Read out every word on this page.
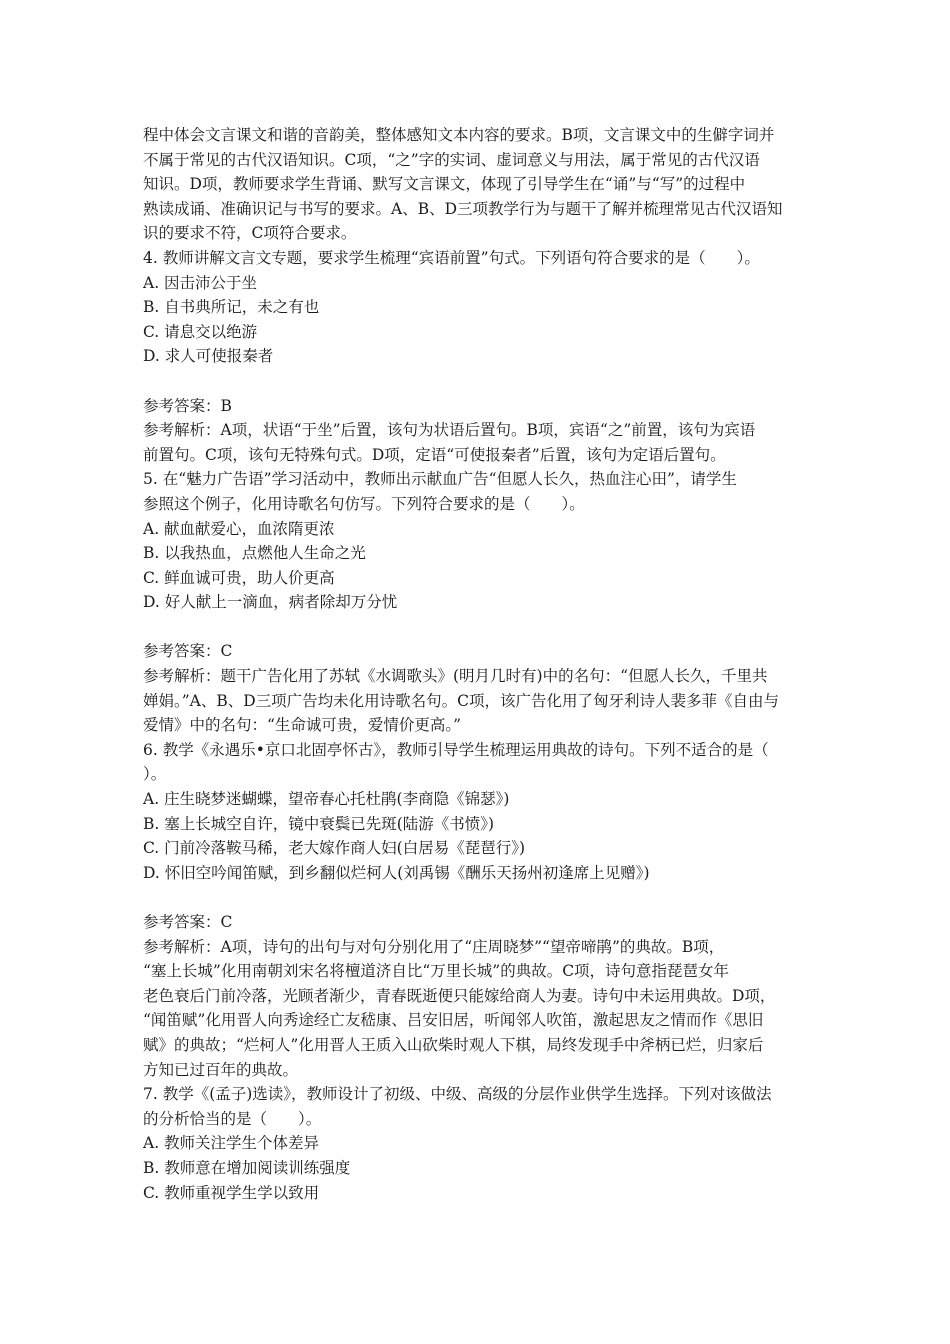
程中体会文言课文和谐的音韵美，整体感知文本内容的要求。B项，文言课文中的生僻字词并
不属于常见的古代汉语知识。C项，“之”字的实词、虚词意义与用法，属于常见的古代汉语
知识。D项，教师要求学生背诵、默写文言课文，体现了引导学生在“诵”与“写”的过程中
熟读成诵、准确识记与书写的要求。A、B、D三项教学行为与题干了解并梳理常见古代汉语知
识的要求不符，C项符合要求。
4. 教师讲解文言文专题，要求学生梳理“宾语前置”句式。下列语句符合要求的是（　　）。
A. 因击沛公于坐
B. 自书典所记，未之有也
C. 请息交以绝游
D. 求人可使报秦者
参考答案：B
参考解析：A项，状语“于坐”后置，该句为状语后置句。B项，宾语“之”前置，该句为宾语
前置句。C项，该句无特殊句式。D项，定语“可使报秦者”后置，该句为定语后置句。
5. 在“魅力广告语”学习活动中，教师出示献血广告“但愿人长久，热血注心田”，请学生
参照这个例子，化用诗歌名句仿写。下列符合要求的是（　　）。
A. 献血献爱心，血浓隋更浓
B. 以我热血，点燃他人生命之光
C. 鲜血诚可贵，助人价更高
D. 好人献上一滴血，病者除却万分忧
参考答案：C
参考解析：题干广告化用了苏轼《水调歌头》(明月几时有)中的名句：“但愿人长久，千里共
婵娟。”A、B、D三项广告均未化用诗歌名句。C项，该广告化用了匈牙利诗人裴多菲《自由与
爱情》中的名句：“生命诚可贵，爱情价更高。”
6. 教学《永遇乐•京口北固亭怀古》，教师引导学生梳理运用典故的诗句。下列不适合的是（
）。
A. 庄生晓梦迷蝴蝶，望帝春心托杜鹃(李商隐《锦瑟》)
B. 塞上长城空自许，镜中衰鬓已先斑(陆游《书愤》)
C. 门前冷落鞍马稀，老大嫁作商人妇(白居易《琵琶行》)
D. 怀旧空吟闻笛赋，到乡翻似烂柯人(刘禹锡《酬乐天扬州初逢席上见赠》)
参考答案：C
参考解析：A项，诗句的出句与对句分别化用了“庄周晓梦”“望帝啼鹃”的典故。B项，
“塞上长城”化用南朝刘宋名将檀道济自比“万里长城”的典故。C项，诗句意指琵琶女年
老色衰后门前冷落，光顾者渐少，青春既逝便只能嫁给商人为妻。诗句中未运用典故。D项，
“闻笛赋”化用晋人向秀途经亡友嵇康、吕安旧居，听闻邻人吹笛，激起思友之情而作《思旧
赋》的典故；“烂柯人”化用晋人王质入山砍柴时观人下棋，局终发现手中斧柄已烂，归家后
方知已过百年的典故。
7. 教学《(孟子)选读》，教师设计了初级、中级、高级的分层作业供学生选择。下列对该做法
的分析恰当的是（　　）。
A. 教师关注学生个体差异
B. 教师意在增加阅读训练强度
C. 教师重视学生学以致用
